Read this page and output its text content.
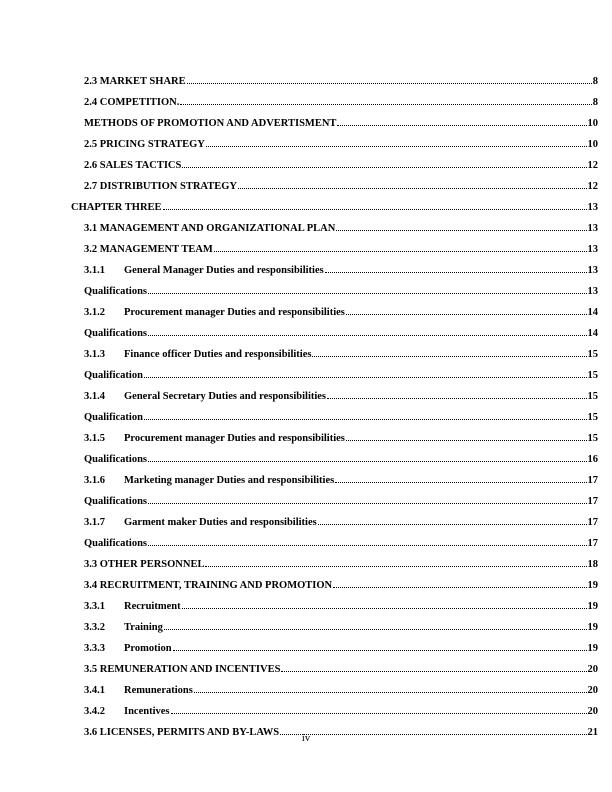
2.3 MARKET SHARE	8
2.4 COMPETITION.	8
METHODS OF PROMOTION AND ADVERTISMENT	10
2.5 PRICING STRATEGY	10
2.6 SALES TACTICS	12
2.7 DISTRIBUTION STRATEGY	12
CHAPTER THREE	13
3.1 MANAGEMENT AND ORGANIZATIONAL PLAN	13
3.2 MANAGEMENT TEAM	13
3.1.1	General Manager Duties and responsibilities	13
Qualifications	13
3.1.2	Procurement manager Duties and responsibilities	14
Qualifications	14
3.1.3	Finance officer Duties and responsibilities	15
Qualification	15
3.1.4	General Secretary Duties and responsibilities	15
Qualification	15
3.1.5	Procurement manager Duties and responsibilities	15
Qualifications	16
3.1.6	Marketing manager Duties and responsibilities	17
Qualifications	17
3.1.7	Garment maker Duties and responsibilities	17
Qualifications	17
3.3 OTHER PERSONNEL	18
3.4 RECRUITMENT, TRAINING AND PROMOTION	19
3.3.1	Recruitment	19
3.3.2	Training	19
3.3.3	Promotion	19
3.5 REMUNERATION AND INCENTIVES	20
3.4.1	Remunerations	20
3.4.2	Incentives	20
3.6 LICENSES, PERMITS AND BY-LAWS	21
iv
